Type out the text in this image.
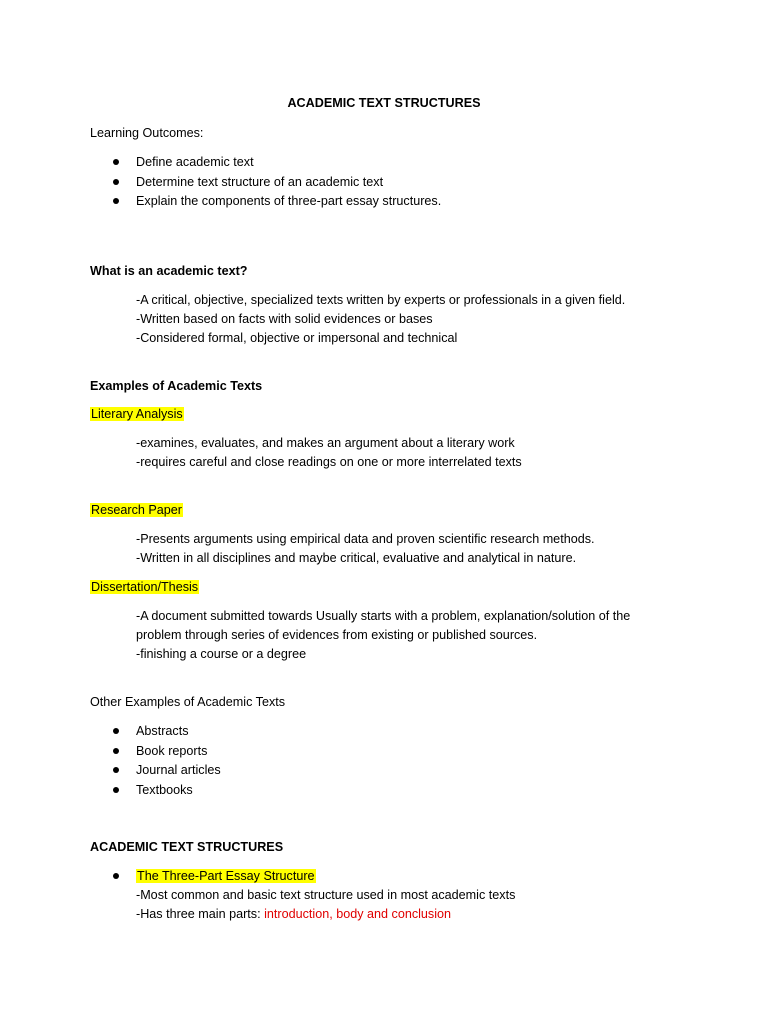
ACADEMIC TEXT STRUCTURES
Learning Outcomes:
Define academic text
Determine text structure of an academic text
Explain the components of three-part essay structures.
What is an academic text?
-A critical, objective, specialized texts written by experts or professionals in a given field.
-Written based on facts with solid evidences or bases
-Considered formal, objective or impersonal and technical
Examples of Academic Texts
Literary Analysis
-examines, evaluates, and makes an argument about a literary work
-requires careful and close readings on one or more interrelated texts
Research Paper
-Presents arguments using empirical data and proven scientific research methods.
-Written in all disciplines and maybe critical, evaluative and analytical in nature.
Dissertation/Thesis
-A document submitted towards Usually starts with a problem, explanation/solution of the
problem through series of evidences from existing or published sources.
-finishing a course or a degree
Other Examples of Academic Texts
Abstracts
Book reports
Journal articles
Textbooks
ACADEMIC TEXT STRUCTURES
The Three-Part Essay Structure
-Most common and basic text structure used in most academic texts
-Has three main parts: introduction, body and conclusion
